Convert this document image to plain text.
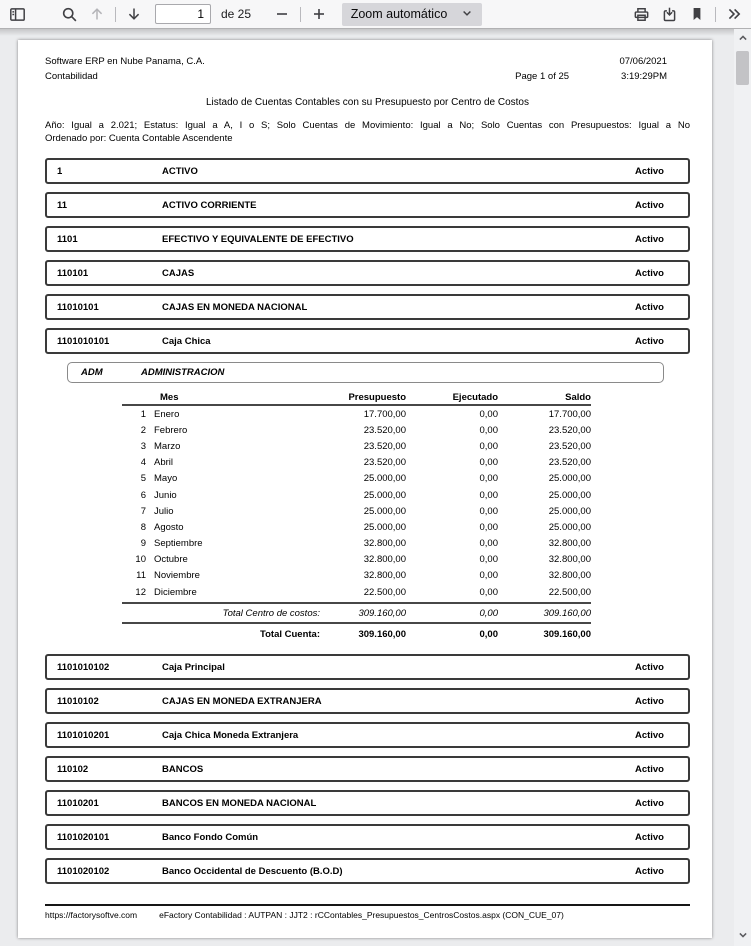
1
de 25	Zoom automático
Software ERP en Nube Panama, C.A.
Contabilidad
07/06/2021
Page 1 of 25	3:19:29PM
Listado de Cuentas Contables con su Presupuesto por Centro de Costos
Año: Igual a 2.021; Estatus: Igual a A, I o S; Solo Cuentas de Movimiento: Igual a No; Solo Cuentas con Presupuestos: Igual a No
Ordenado por: Cuenta Contable Ascendente
1	ACTIVO	Activo
11	ACTIVO CORRIENTE	Activo
1101	EFECTIVO Y EQUIVALENTE DE EFECTIVO	Activo
110101	CAJAS	Activo
11010101	CAJAS EN MONEDA NACIONAL	Activo
1101010101	Caja Chica	Activo
ADM	ADMINISTRACION
Mes	Presupuesto	Ejecutado	Saldo
1 Enero	17.700,00	0,00	17.700,00
2 Febrero	23.520,00	0,00	23.520,00
3 Marzo	23.520,00	0,00	23.520,00
4 Abril	23.520,00	0,00	23.520,00
5 Mayo	25.000,00	0,00	25.000,00
6 Junio	25.000,00	0,00	25.000,00
7 Julio	25.000,00	0,00	25.000,00
8 Agosto	25.000,00	0,00	25.000,00
9 Septiembre	32.800,00	0,00	32.800,00
10 Octubre	32.800,00	0,00	32.800,00
11 Noviembre	32.800,00	0,00	32.800,00
12 Diciembre	22.500,00	0,00	22.500,00
Total Centro de costos:	309.160,00	0,00	309.160,00
Total Cuenta:	309.160,00	0,00	309.160,00
1101010102	Caja Principal	Activo
11010102	CAJAS EN MONEDA EXTRANJERA	Activo
1101010201	Caja Chica Moneda Extranjera	Activo
110102	BANCOS	Activo
11010201	BANCOS EN MONEDA NACIONAL	Activo
1101020101	Banco Fondo Común	Activo
1101020102	Banco Occidental de Descuento (B.O.D)	Activo
https://factorysoftve.com	eFactory Contabilidad : AUTPAN : JJT2 : rCContables_Presupuestos_CentrosCostos.aspx (CON_CUE_07)
